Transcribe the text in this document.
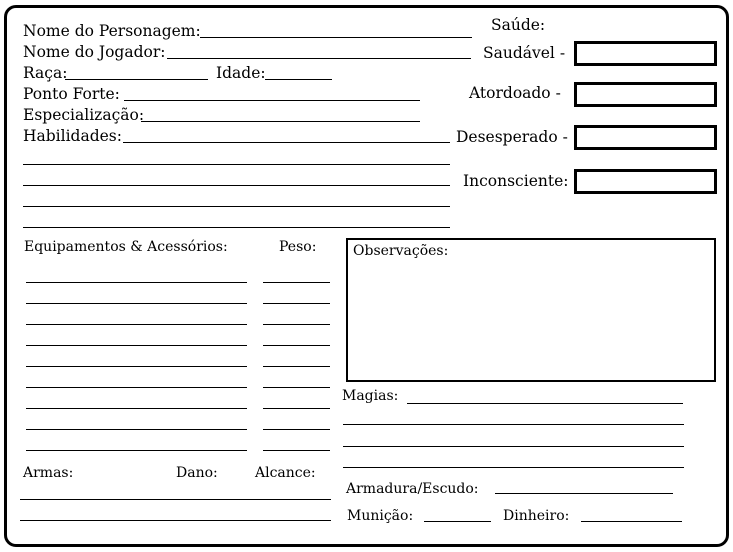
Nome do Personagem:
Nome do Jogador:
Raça:	Idade:
Ponto Forte:
Especialização:
Habilidades:
Saúde:
Saudável -
Atordoado -
Desesperado -
Inconsciente:
Equipamentos & Acessórios:	Peso:	Observações:
Magias:
Armas:	Dano:	Alcance:
Armadura/Escudo:
Munição:	Dinheiro:
